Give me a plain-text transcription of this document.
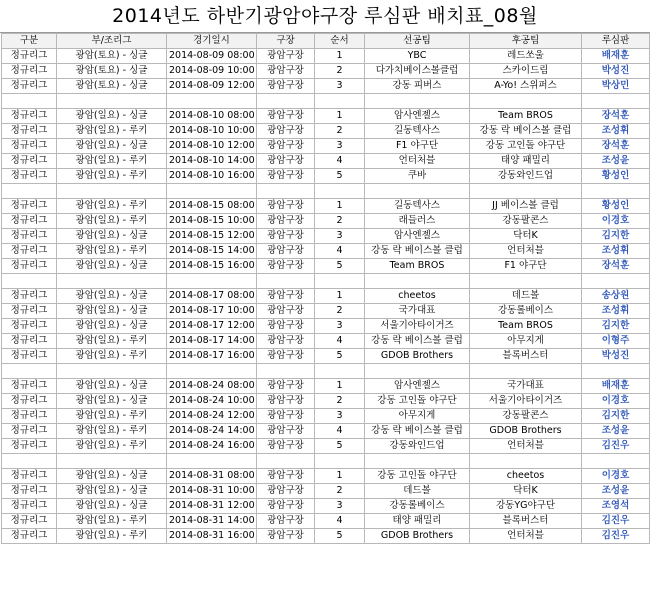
2014년도 하반기광암야구장 루심판 배치표_08월
구분	부/조리그	경기일시	구장	순서	선공팀	후공팀	루심판
정규리그	광암(토요) - 싱글	2014-08-09 08:00	광암구장	1	YBC	레드쏘울	배재훈
정규리그	광암(토요) - 싱글	2014-08-09 10:00	광암구장	2	다가치베이스볼클럽	스카이드림	박성진
정규리그	광암(토요) - 싱글	2014-08-09 12:00	광암구장	3	강동 피버스	A-Yo! 스위퍼스	박상민

정규리그	광암(일요) - 싱글	2014-08-10 08:00	광암구장	1	암사엔젤스	Team BROS	장석훈
정규리그	광암(일요) - 루키	2014-08-10 10:00	광암구장	2	길동텍사스	강동 락 베이스볼 클럽	조성휘
정규리그	광암(일요) - 싱글	2014-08-10 12:00	광암구장	3	F1 야구단	강동 고인돌 야구단	장석훈
정규리그	광암(일요) - 루키	2014-08-10 14:00	광암구장	4	언터처블	태양 패밀리	조성윤
정규리그	광암(일요) - 루키	2014-08-10 16:00	광암구장	5	쿠바	강동와인드업	황성인

정규리그	광암(일요) - 루키	2014-08-15 08:00	광암구장	1	길동텍사스	JJ 베이스볼 클럽	황성인
정규리그	광암(일요) - 루키	2014-08-15 10:00	광암구장	2	래들러스	강동팔콘스	이경호
정규리그	광암(일요) - 싱글	2014-08-15 12:00	광암구장	3	암사엔젤스	닥터K	김지한
정규리그	광암(일요) - 루키	2014-08-15 14:00	광암구장	4	강동 락 베이스볼 클럽	언터처블	조성휘
정규리그	광암(일요) - 싱글	2014-08-15 16:00	광암구장	5	Team BROS	F1 야구단	장석훈

정규리그	광암(일요) - 싱글	2014-08-17 08:00	광암구장	1	cheetos	데드볼	송상원
정규리그	광암(일요) - 싱글	2014-08-17 10:00	광암구장	2	국가대표	강동롤베이스	조성휘
정규리그	광암(일요) - 싱글	2014-08-17 12:00	광암구장	3	서울기아타이거즈	Team BROS	김지한
정규리그	광암(일요) - 루키	2014-08-17 14:00	광암구장	4	강동 락 베이스볼 클럽	아무지게	이형주
정규리그	광암(일요) - 루키	2014-08-17 16:00	광암구장	5	GDOB Brothers	블록버스터	박성진

정규리그	광암(일요) - 싱글	2014-08-24 08:00	광암구장	1	암사엔젤스	국가대표	배재훈
정규리그	광암(일요) - 싱글	2014-08-24 10:00	광암구장	2	강동 고인돌 야구단	서울기아타이거즈	이경호
정규리그	광암(일요) - 루키	2014-08-24 12:00	광암구장	3	아무지게	강동팔콘스	김지한
정규리그	광암(일요) - 루키	2014-08-24 14:00	광암구장	4	강동 락 베이스볼 클럽	GDOB Brothers	조성윤
정규리그	광암(일요) - 루키	2014-08-24 16:00	광암구장	5	강동와인드업	언터처블	김진우

정규리그	광암(일요) - 싱글	2014-08-31 08:00	광암구장	1	강동 고인돌 야구단	cheetos	이경호
정규리그	광암(일요) - 싱글	2014-08-31 10:00	광암구장	2	데드볼	닥터K	조성윤
정규리그	광암(일요) - 싱글	2014-08-31 12:00	광암구장	3	강동롤베이스	강동YG야구단	조영석
정규리그	광암(일요) - 루키	2014-08-31 14:00	광암구장	4	태양 패밀리	블록버스터	김진우
정규리그	광암(일요) - 루키	2014-08-31 16:00	광암구장	5	GDOB Brothers	언터처블	김진우
